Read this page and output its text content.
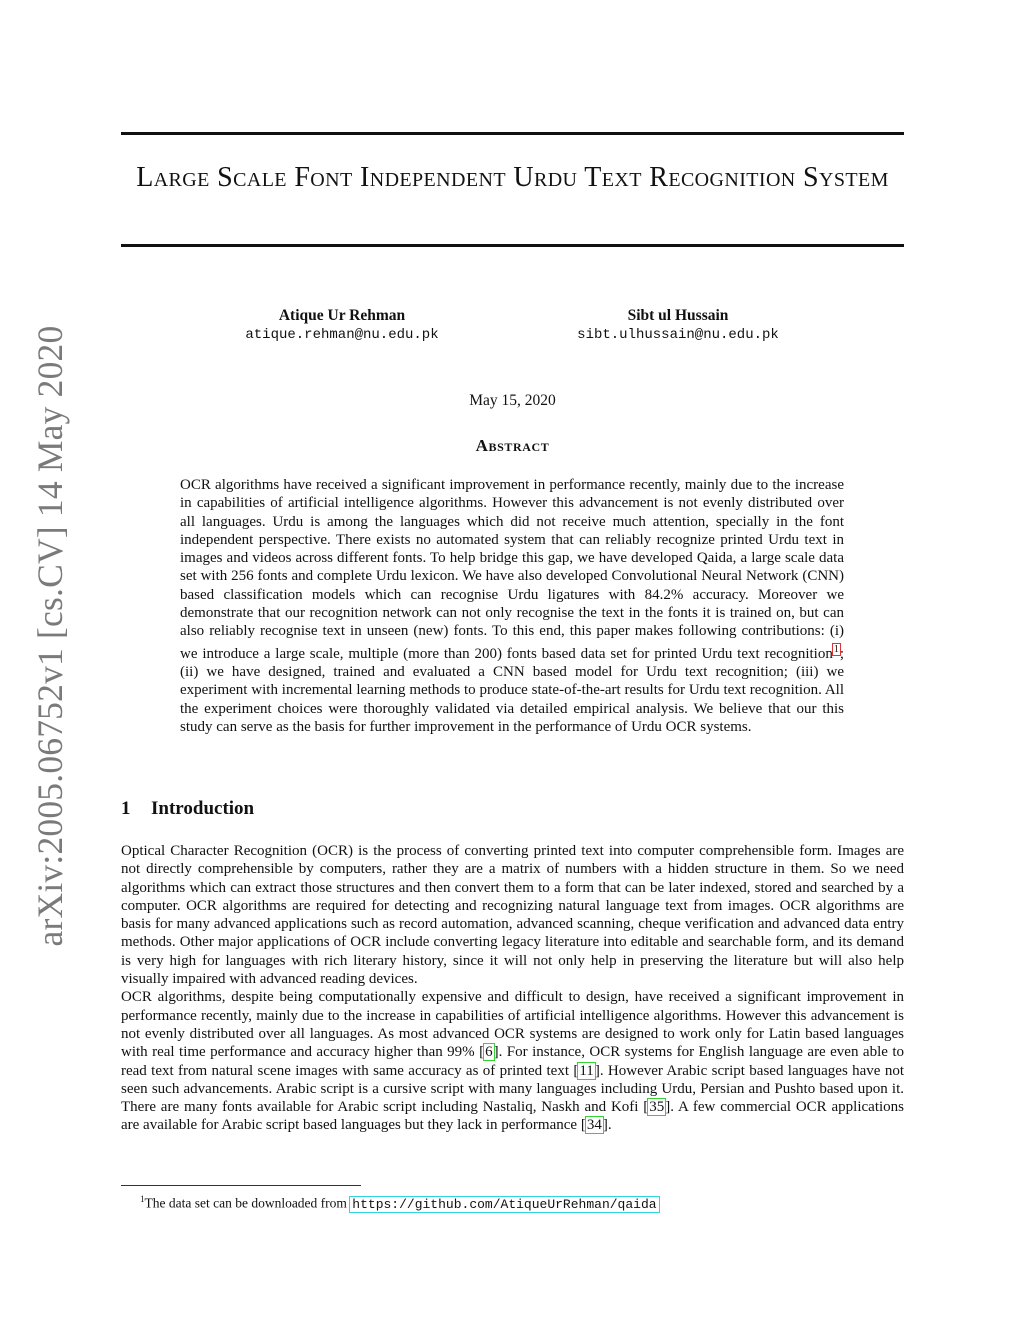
arXiv:2005.06752v1 [cs.CV] 14 May 2020
Large Scale Font Independent Urdu Text Recognition System
Atique Ur Rehman
atique.rehman@nu.edu.pk
Sibt ul Hussain
sibt.ulhussain@nu.edu.pk
May 15, 2020
Abstract
OCR algorithms have received a significant improvement in performance recently, mainly due to the increase in capabilities of artificial intelligence algorithms. However this advancement is not evenly distributed over all languages. Urdu is among the languages which did not receive much attention, specially in the font independent perspective. There exists no automated system that can reliably recognize printed Urdu text in images and videos across different fonts. To help bridge this gap, we have developed Qaida, a large scale data set with 256 fonts and complete Urdu lexicon. We have also developed Convolutional Neural Network (CNN) based classification models which can recognise Urdu ligatures with 84.2% accuracy. Moreover we demonstrate that our recognition network can not only recognise the text in the fonts it is trained on, but can also reliably recognise text in unseen (new) fonts. To this end, this paper makes following contributions: (i) we introduce a large scale, multiple (more than 200) fonts based data set for printed Urdu text recognition$^1$; (ii) we have designed, trained and evaluated a CNN based model for Urdu text recognition; (iii) we experiment with incremental learning methods to produce state-of-the-art results for Urdu text recognition. All the experiment choices were thoroughly validated via detailed empirical analysis. We believe that our this study can serve as the basis for further improvement in the performance of Urdu OCR systems.
1 Introduction

Optical Character Recognition (OCR) is the process of converting printed text into computer comprehensible form. Images are not directly comprehensible by computers, rather they are a matrix of numbers with a hidden structure in them. So we need algorithms which can extract those structures and then convert them to a form that can be later indexed, stored and searched by a computer. OCR algorithms are required for detecting and recognizing natural language text from images. OCR algorithms are basis for many advanced applications such as record automation, advanced scanning, cheque verification and advanced data entry methods. Other major applications of OCR include converting legacy literature into editable and searchable form, and its demand is very high for languages with rich literary history, since it will not only help in preserving the literature but will also help visually impaired with advanced reading devices.

OCR algorithms, despite being computationally expensive and difficult to design, have received a significant improvement in performance recently, mainly due to the increase in capabilities of artificial intelligence algorithms. However this advancement is not evenly distributed over all languages. As most advanced OCR systems are designed to work only for Latin based languages with real time performance and accuracy higher than 99% [6]. For instance, OCR systems for English language are even able to read text from natural scene images with same accuracy as of printed text [11]. However Arabic script based languages have not seen such advancements. Arabic script is a cursive script with many languages including Urdu, Persian and Pushto based upon it. There are many fonts available for Arabic script including Nastaliq, Naskh and Kofi [35]. A few commercial OCR applications are available for Arabic script based languages but they lack in performance [34].

$^1$The data set can be downloaded from https://github.com/AtiqueUrRehman/qaida
